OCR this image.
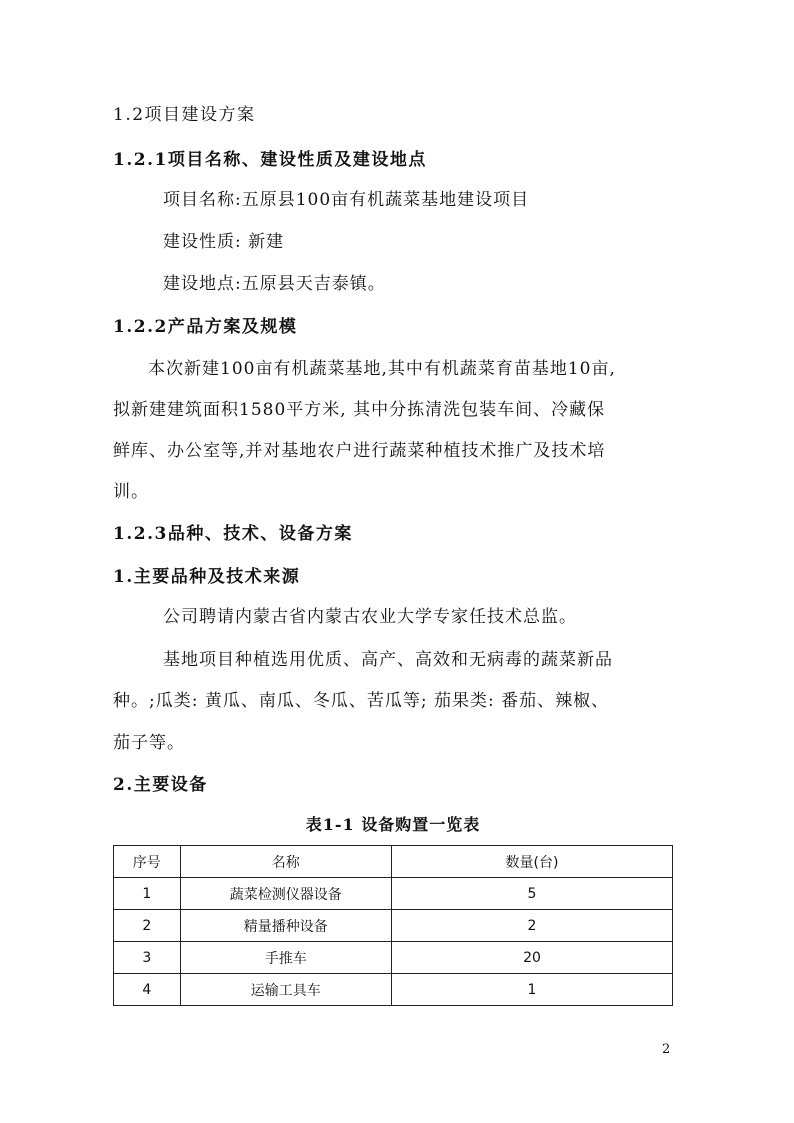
1.2项目建设方案
1.2.1项目名称、建设性质及建设地点
项目名称:五原县100亩有机蔬菜基地建设项目
建设性质: 新建
建设地点:五原县天吉泰镇。
1.2.2产品方案及规模
本次新建100亩有机蔬菜基地,其中有机蔬菜育苗基地10亩,
拟新建建筑面积1580平方米, 其中分拣清洗包装车间、冷藏保
鲜库、办公室等,并对基地农户进行蔬菜种植技术推广及技术培
训。
1.2.3品种、技术、设备方案
1.主要品种及技术来源
公司聘请内蒙古省内蒙古农业大学专家任技术总监。
基地项目种植选用优质、高产、高效和无病毒的蔬菜新品
种。;瓜类: 黄瓜、南瓜、冬瓜、苦瓜等; 茄果类: 番茄、辣椒、
茄子等。
2.主要设备
表1-1 设备购置一览表
序号	名称	数量(台)
1	蔬菜检测仪器设备	5
2	精量播种设备	2
3	手推车	20
4	运输工具车	1
2
